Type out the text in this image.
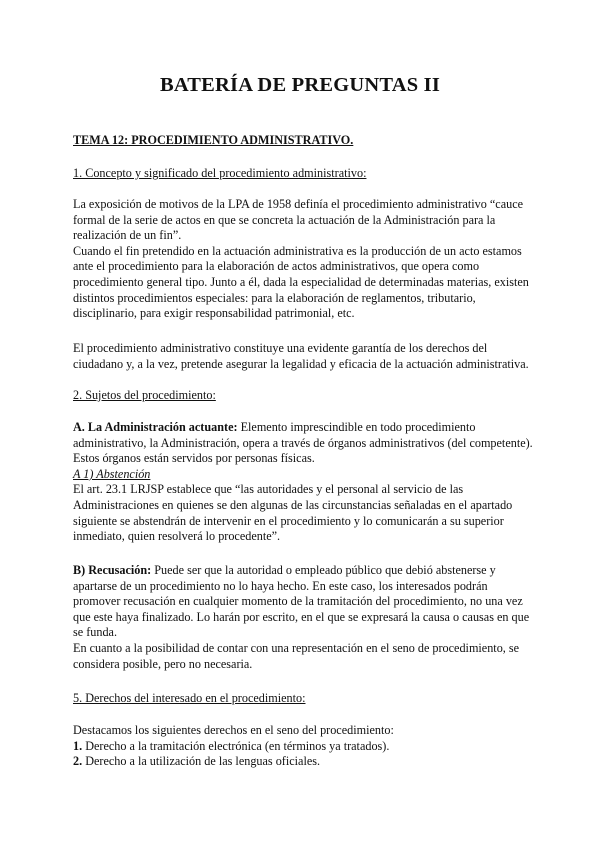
BATERÍA DE PREGUNTAS II

TEMA 12: PROCEDIMIENTO ADMINISTRATIVO.

1. Concepto y significado del procedimiento administrativo:

La exposición de motivos de la LPA de 1958 definía el procedimiento administrativo “cauce formal de la serie de actos en que se concreta la actuación de la Administración para la realización de un fin”.

Cuando el fin pretendido en la actuación administrativa es la producción de un acto estamos ante el procedimiento para la elaboración de actos administrativos, que opera como procedimiento general tipo. Junto a él, dada la especialidad de determinadas materias, existen distintos procedimientos especiales: para la elaboración de reglamentos, tributario, disciplinario, para exigir responsabilidad patrimonial, etc.

El procedimiento administrativo constituye una evidente garantía de los derechos del ciudadano y, a la vez, pretende asegurar la legalidad y eficacia de la actuación administrativa.

2. Sujetos del procedimiento:

A. La Administración actuante: Elemento imprescindible en todo procedimiento administrativo, la Administración, opera a través de órganos administrativos (del competente). Estos órganos están servidos por personas físicas.

A 1) Abstención

El art. 23.1 LRJSP establece que “las autoridades y el personal al servicio de las Administraciones en quienes se den algunas de las circunstancias señaladas en el apartado siguiente se abstendrán de intervenir en el procedimiento y lo comunicarán a su superior inmediato, quien resolverá lo procedente”.

B) Recusación: Puede ser que la autoridad o empleado público que debió abstenerse y apartarse de un procedimiento no lo haya hecho. En este caso, los interesados podrán promover recusación en cualquier momento de la tramitación del procedimiento, no una vez que este haya finalizado. Lo harán por escrito, en el que se expresará la causa o causas en que se funda.

En cuanto a la posibilidad de contar con una representación en el seno de procedimiento, se considera posible, pero no necesaria.

5. Derechos del interesado en el procedimiento:

Destacamos los siguientes derechos en el seno del procedimiento:

1. Derecho a la tramitación electrónica (en términos ya tratados).

2. Derecho a la utilización de las lenguas oficiales.
